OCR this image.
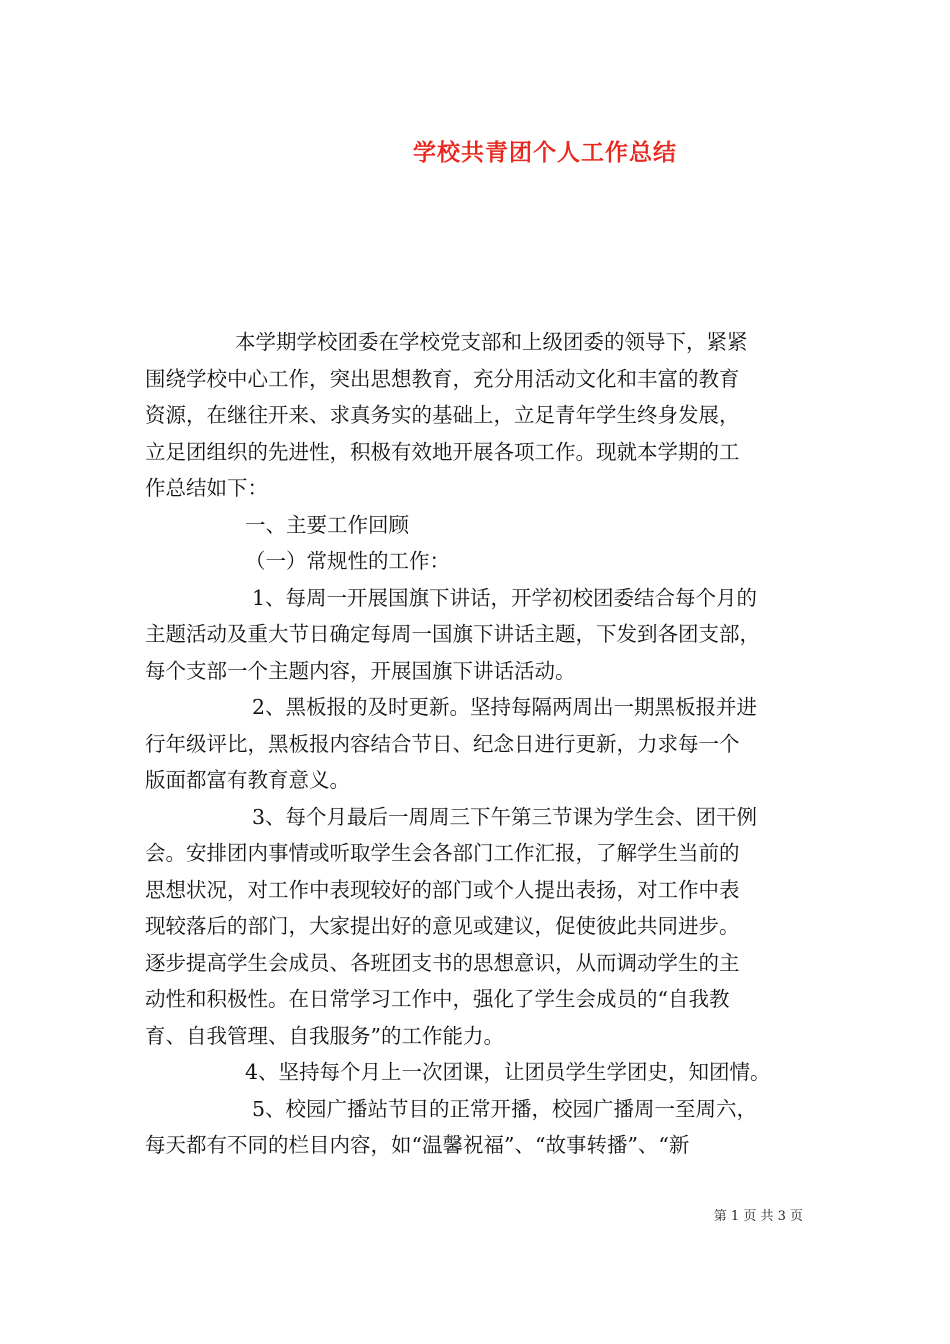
学校共青团个人工作总结
本学期学校团委在学校党支部和上级团委的领导下，紧紧
围绕学校中心工作，突出思想教育，充分用活动文化和丰富的教育
资源，在继往开来、求真务实的基础上，立足青年学生终身发展，
立足团组织的先进性，积极有效地开展各项工作。现就本学期的工
作总结如下：
一、主要工作回顾
（一）常规性的工作：
1、每周一开展国旗下讲话，开学初校团委结合每个月的
主题活动及重大节日确定每周一国旗下讲话主题，下发到各团支部，
每个支部一个主题内容，开展国旗下讲话活动。
2、黑板报的及时更新。坚持每隔两周出一期黑板报并进
行年级评比，黑板报内容结合节日、纪念日进行更新，力求每一个
版面都富有教育意义。
3、每个月最后一周周三下午第三节课为学生会、团干例
会。安排团内事情或听取学生会各部门工作汇报，了解学生当前的
思想状况，对工作中表现较好的部门或个人提出表扬，对工作中表
现较落后的部门，大家提出好的意见或建议，促使彼此共同进步。
逐步提高学生会成员、各班团支书的思想意识，从而调动学生的主
动性和积极性。在日常学习工作中，强化了学生会成员的“自我教
育、自我管理、自我服务”的工作能力。
4、坚持每个月上一次团课，让团员学生学团史，知团情。
5、校园广播站节目的正常开播，校园广播周一至周六，
每天都有不同的栏目内容，如“温馨祝福”、“故事转播”、“新
第 1 页 共 3 页
